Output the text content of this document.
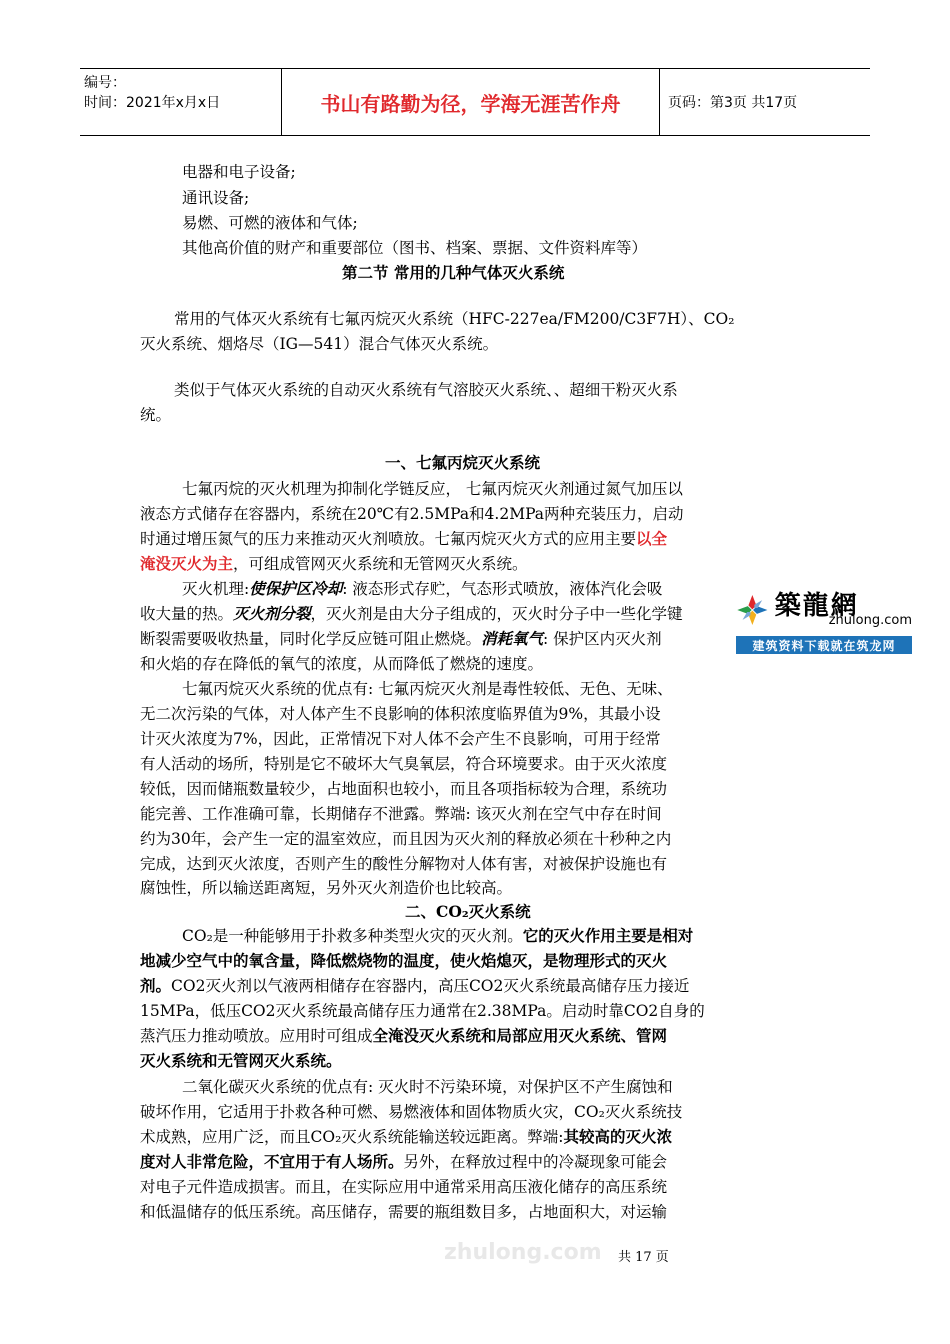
编号：
时间：2021年x月x日	书山有路勤为径，学海无涯苦作舟	页码：第3页 共17页
电器和电子设备;
通讯设备;
易燃、可燃的液体和气体;
其他高价值的财产和重要部位（图书、档案、票据、文件资料库等）
第二节 常用的几种气体灭火系统
常用的气体灭火系统有七氟丙烷灭火系统（HFC-227ea/FM200/C3F7H）、CO₂
灭火系统、烟烙尽（IG—541）混合气体灭火系统。
类似于气体灭火系统的自动灭火系统有气溶胶灭火系统、、超细干粉灭火系
统。
一、七氟丙烷灭火系统
七氟丙烷的灭火机理为抑制化学链反应， 七氟丙烷灭火剂通过氮气加压以
液态方式储存在容器内，系统在20℃有2.5MPa和4.2MPa两种充装压力，启动
时通过增压氮气的压力来推动灭火剂喷放。七氟丙烷灭火方式的应用主要以全
淹没灭火为主，可组成管网灭火系统和无管网灭火系统。
灭火机理:使保护区冷却: 液态形式存贮，气态形式喷放，液体汽化会吸
收大量的热。灭火剂分裂，灭火剂是由大分子组成的，灭火时分子中一些化学键
断裂需要吸收热量，同时化学反应链可阻止燃烧。消耗氧气: 保护区内灭火剂
和火焰的存在降低的氧气的浓度，从而降低了燃烧的速度。
七氟丙烷灭火系统的优点有: 七氟丙烷灭火剂是毒性较低、无色、无味、
无二次污染的气体，对人体产生不良影响的体积浓度临界值为9%，其最小设
计灭火浓度为7%，因此，正常情况下对人体不会产生不良影响，可用于经常
有人活动的场所，特别是它不破坏大气臭氧层，符合环境要求。由于灭火浓度
较低，因而储瓶数量较少，占地面积也较小，而且各项指标较为合理，系统功
能完善、工作准确可靠，长期储存不泄露。弊端: 该灭火剂在空气中存在时间
约为30年，会产生一定的温室效应，而且因为灭火剂的释放必须在十秒种之内
完成，达到灭火浓度，否则产生的酸性分解物对人体有害，对被保护设施也有
腐蚀性，所以输送距离短，另外灭火剂造价也比较高。
二、CO₂灭火系统
CO₂是一种能够用于扑救多种类型火灾的灭火剂。它的灭火作用主要是相对
地减少空气中的氧含量，降低燃烧物的温度，使火焰熄灭，是物理形式的灭火
剂。CO2灭火剂以气液两相储存在容器内，高压CO2灭火系统最高储存压力接近
15MPa，低压CO2灭火系统最高储存压力通常在2.38MPa。启动时靠CO2自身的
蒸汽压力推动喷放。应用时可组成全淹没灭火系统和局部应用灭火系统、管网
灭火系统和无管网灭火系统。
二氧化碳灭火系统的优点有: 灭火时不污染环境，对保护区不产生腐蚀和
破坏作用，它适用于扑救各种可燃、易燃液体和固体物质火灾，CO₂灭火系统技
术成熟，应用广泛，而且CO₂灭火系统能输送较远距离。弊端:其较高的灭火浓
度对人非常危险，不宜用于有人场所。另外，在释放过程中的冷凝现象可能会
对电子元件造成损害。而且，在实际应用中通常采用高压液化储存的高压系统
和低温储存的低压系统。高压储存，需要的瓶组数目多，占地面积大，对运输
zhulong.com 共 17 页
築龍網
zhulong.com
建筑资料下载就在筑龙网
